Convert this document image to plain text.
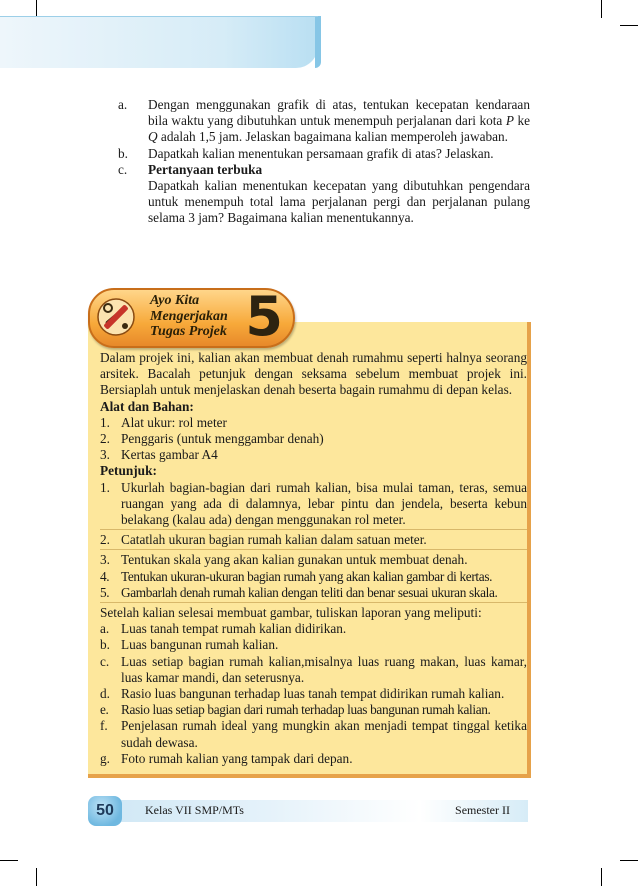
a.	Dengan menggunakan grafik di atas, tentukan kecepatan kendaraan bila waktu yang dibutuhkan untuk menempuh perjalanan dari kota P ke Q adalah 1,5 jam. Jelaskan bagaimana kalian memperoleh jawaban.
b.	Dapatkah kalian menentukan persamaan grafik di atas? Jelaskan.
c.	Pertanyaan terbuka
Dapatkah kalian menentukan kecepatan yang dibutuhkan pengendara untuk menempuh total lama perjalanan pergi dan perjalanan pulang selama 3 jam? Bagaimana kalian menentukannya.
Ayo Kita
Mengerjakan
Tugas Projek 5
Dalam projek ini, kalian akan membuat denah rumahmu seperti halnya seorang arsitek. Bacalah petunjuk dengan seksama sebelum membuat projek ini. Bersiaplah untuk menjelaskan denah beserta bagain rumahmu di depan kelas.
Alat dan Bahan:
1. Alat ukur: rol meter
2. Penggaris (untuk menggambar denah)
3. Kertas gambar A4
Petunjuk:
1. Ukurlah bagian-bagian dari rumah kalian, bisa mulai taman, teras, semua ruangan yang ada di dalamnya, lebar pintu dan jendela, beserta kebun belakang (kalau ada) dengan menggunakan rol meter.
2. Catatlah ukuran bagian rumah kalian dalam satuan meter.
3. Tentukan skala yang akan kalian gunakan untuk membuat denah.
4. Tentukan ukuran-ukuran bagian rumah yang akan kalian gambar di kertas.
5. Gambarlah denah rumah kalian dengan teliti dan benar sesuai ukuran skala.
Setelah kalian selesai membuat gambar, tuliskan laporan yang meliputi:
a. Luas tanah tempat rumah kalian didirikan.
b. Luas bangunan rumah kalian.
c. Luas setiap bagian rumah kalian,misalnya luas ruang makan, luas kamar, luas kamar mandi, dan seterusnya.
d. Rasio luas bangunan terhadap luas tanah tempat didirikan rumah kalian.
e. Rasio luas setiap bagian dari rumah terhadap luas bangunan rumah kalian.
f. Penjelasan rumah ideal yang mungkin akan menjadi tempat tinggal ketika sudah dewasa.
g. Foto rumah kalian yang tampak dari depan.
50	Kelas VII SMP/MTs	Semester II
